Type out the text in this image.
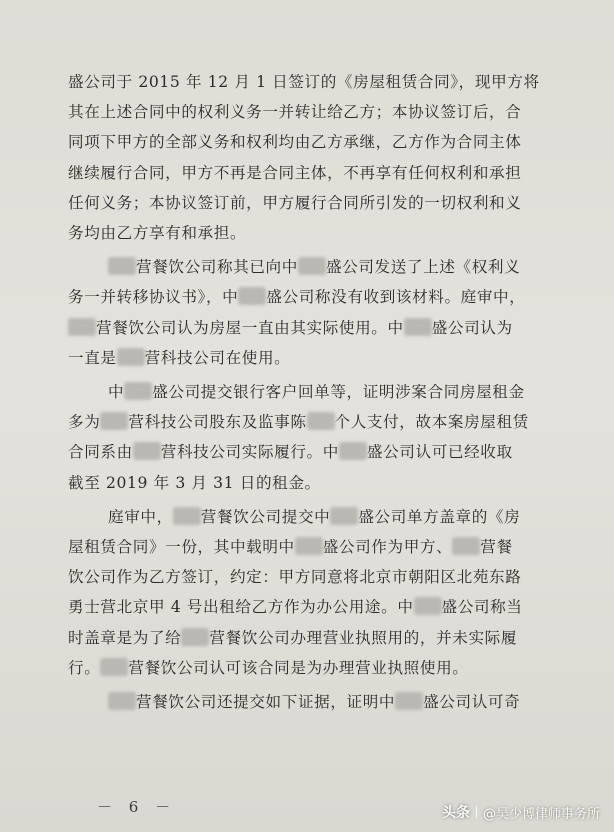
盛公司于 2015 年 12 月 1 日签订的《房屋租赁合同》，现甲方将
其在上述合同中的权利义务一并转让给乙方；本协议签订后，合
同项下甲方的全部义务和权利均由乙方承继，乙方作为合同主体
继续履行合同，甲方不再是合同主体，不再享有任何权利和承担
任何义务；本协议签订前，甲方履行合同所引发的一切权利和义
务均由乙方享有和承担。
营餐饮公司称其已向中 盛公司发送了上述《权利义
务一并转移协议书》，中 盛公司称没有收到该材料。庭审中，
营餐饮公司认为房屋一直由其实际使用。中 盛公司认为
一直是 营科技公司在使用。
中 盛公司提交银行客户回单等，证明涉案合同房屋租金
多为 营科技公司股东及监事陈 个人支付，故本案房屋租赁
合同系由 营科技公司实际履行。中 盛公司认可已经收取
截至 2019 年 3 月 31 日的租金。
庭审中， 营餐饮公司提交中 盛公司单方盖章的《房
屋租赁合同》一份，其中载明中 盛公司作为甲方、 营餐
饮公司作为乙方签订，约定：甲方同意将北京市朝阳区北苑东路
勇士营北京甲 4 号出租给乙方作为办公用途。中 盛公司称当
时盖章是为了给 营餐饮公司办理营业执照用的，并未实际履
行。 营餐饮公司认可该合同是为办理营业执照使用。
营餐饮公司还提交如下证据，证明中 盛公司认可奇
－ 6 －	头条 @吴少博律师事务所
